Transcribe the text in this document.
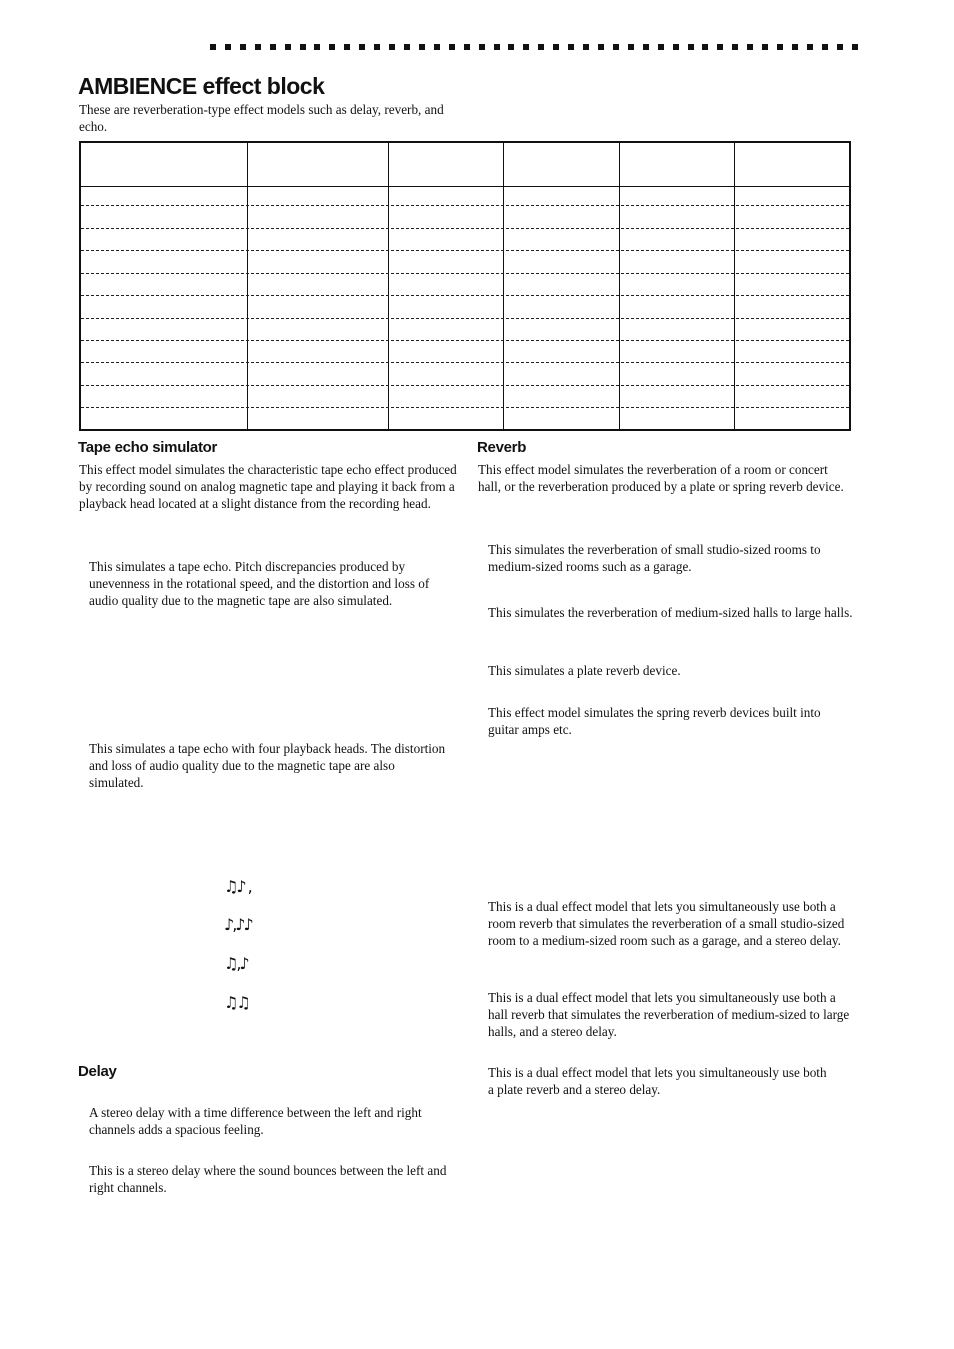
AMBIENCE effect block
These are reverberation-type effect models such as delay, reverb, and echo.
Tape echo simulator

This effect model simulates the characteristic tape echo effect produced by recording sound on analog magnetic tape and playing it back from a playback head located at a slight distance from the recording head.

This simulates a tape echo. Pitch discrepancies produced by unevenness in the rotational speed, and the distortion and loss of audio quality due to the magnetic tape are also simulated.

This simulates a tape echo with four playback heads. The distortion and loss of audio quality due to the magnetic tape are also simulated.

♫♪ ,
♪,♪♪
♫,♪
♫♫
Delay

A stereo delay with a time difference between the left and right channels adds a spacious feeling.

This is a stereo delay where the sound bounces between the left and right channels.

Reverb

This effect model simulates the reverberation of a room or concert hall, or the reverberation produced by a plate or spring reverb device.

This simulates the reverberation of small studio-sized rooms to medium-sized rooms such as a garage.

This simulates the reverberation of medium-sized halls to large halls.

This simulates a plate reverb device.

This effect model simulates the spring reverb devices built into guitar amps etc.

This is a dual effect model that lets you simultaneously use both a room reverb that simulates the reverberation of a small studio-sized room to a medium-sized room such as a garage, and a stereo delay.

This is a dual effect model that lets you simultaneously use both a hall reverb that simulates the reverberation of medium-sized to large halls, and a stereo delay.

This is a dual effect model that lets you simultaneously use both a plate reverb and a stereo delay.
